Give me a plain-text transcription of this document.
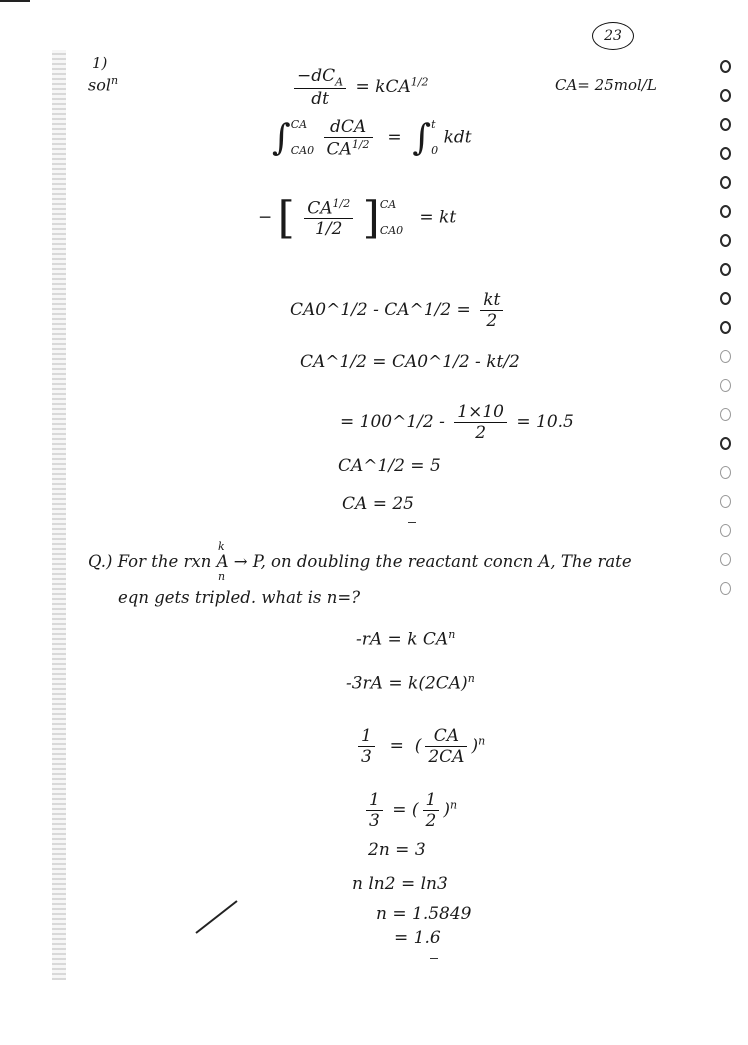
23
1)
sol$^n$	CA= 25mol/L
$\frac{-dC_A}{dt} = kCA^{1/2}$
∫CA
$CA0 \frac{\text{dCA}}{CA^{1/2}} = \int t$
0 kdt
− [ $\frac{CA^{1/2}}{1/2} ]CA$
CA0   = kt
CA0^1/2 - CA^1/2 = $\frac{kt}{2}$
CA^1/2 = CA0^1/2 - kt/2
= 100^1/2 - $\frac{1\times 10}{2} = 10.5$
CA^1/2 = 5
CA = 25
Q.) For the rxn A → P, on doubling the reactant concn A, The rate
k
n
eqn gets tripled. what is n=?
-rA = k $CA^n$
$-3rA = k(2CA)^n$
$\frac{1}{3}$ =  ( $\frac{CA}{2CA} )^n$
$\frac{1}{3}$ = ( $\frac{1}{2} )^n$
2n = 3
n ln2 = ln3
n = 1.5849
= 1.6
